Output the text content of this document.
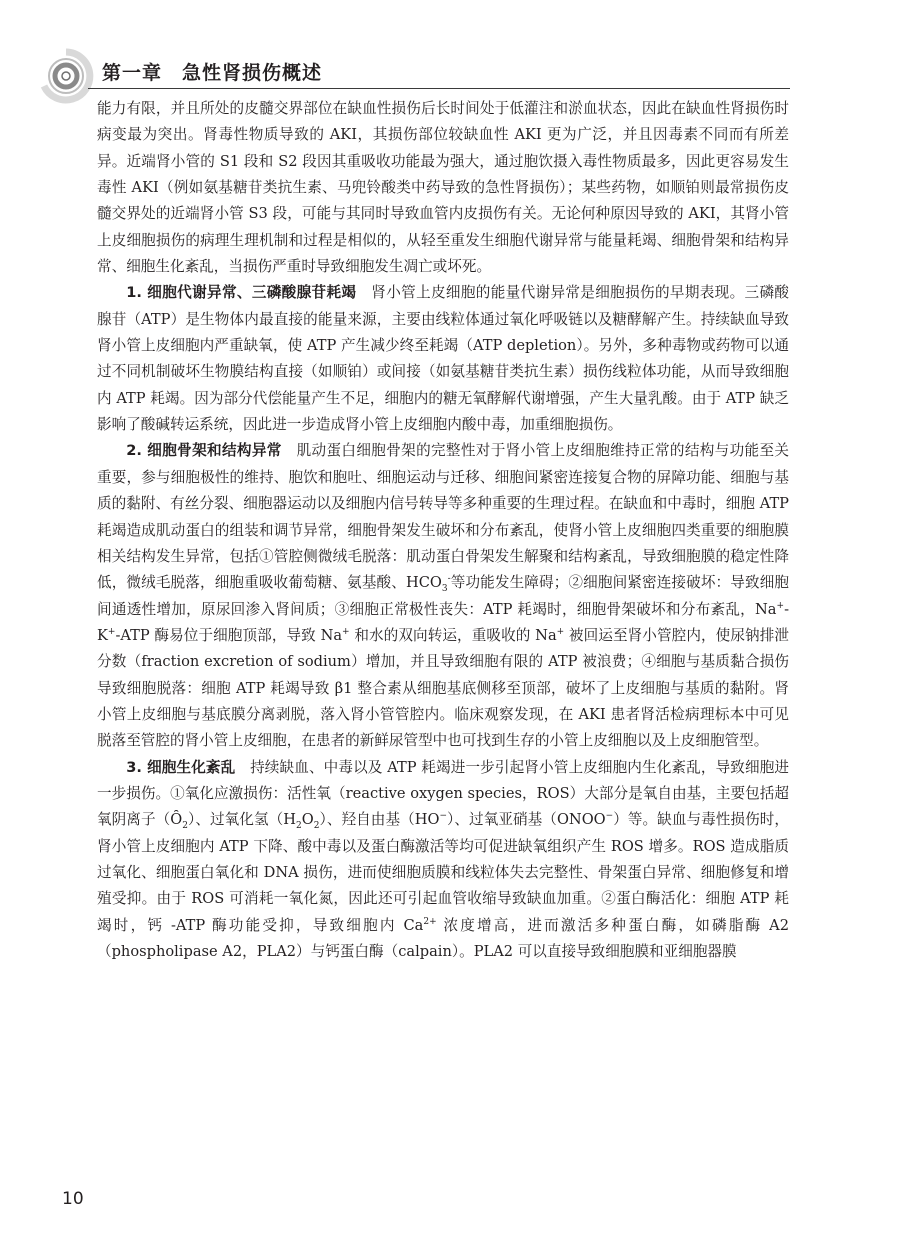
第一章　急性肾损伤概述

能力有限，并且所处的皮髓交界部位在缺血性损伤后长时间处于低灌注和淤血状态，因此在缺血性肾损伤时病变最为突出。肾毒性物质导致的 AKI，其损伤部位较缺血性 AKI 更为广泛，并且因毒素不同而有所差异。近端肾小管的 S1 段和 S2 段因其重吸收功能最为强大，通过胞饮摄入毒性物质最多，因此更容易发生毒性 AKI（例如氨基糖苷类抗生素、马兜铃酸类中药导致的急性肾损伤）；某些药物，如顺铂则最常损伤皮髓交界处的近端肾小管 S3 段，可能与其同时导致血管内皮损伤有关。无论何种原因导致的 AKI，其肾小管上皮细胞损伤的病理生理机制和过程是相似的，从轻至重发生细胞代谢异常与能量耗竭、细胞骨架和结构异常、细胞生化紊乱，当损伤严重时导致细胞发生凋亡或坏死。

1. 细胞代谢异常、三磷酸腺苷耗竭　肾小管上皮细胞的能量代谢异常是细胞损伤的早期表现。三磷酸腺苷（ATP）是生物体内最直接的能量来源，主要由线粒体通过氧化呼吸链以及糖酵解产生。持续缺血导致肾小管上皮细胞内严重缺氧，使 ATP 产生减少终至耗竭（ATP depletion）。另外，多种毒物或药物可以通过不同机制破坏生物膜结构直接（如顺铂）或间接（如氨基糖苷类抗生素）损伤线粒体功能，从而导致细胞内 ATP 耗竭。因为部分代偿能量产生不足，细胞内的糖无氧酵解代谢增强，产生大量乳酸。由于 ATP 缺乏影响了酸碱转运系统，因此进一步造成肾小管上皮细胞内酸中毒，加重细胞损伤。

2. 细胞骨架和结构异常　肌动蛋白细胞骨架的完整性对于肾小管上皮细胞维持正常的结构与功能至关重要，参与细胞极性的维持、胞饮和胞吐、细胞运动与迁移、细胞间紧密连接复合物的屏障功能、细胞与基质的黏附、有丝分裂、细胞器运动以及细胞内信号转导等多种重要的生理过程。在缺血和中毒时，细胞 ATP 耗竭造成肌动蛋白的组装和调节异常，细胞骨架发生破坏和分布紊乱，使肾小管上皮细胞四类重要的细胞膜相关结构发生异常，包括①管腔侧微绒毛脱落：肌动蛋白骨架发生解聚和结构紊乱，导致细胞膜的稳定性降低，微绒毛脱落，细胞重吸收葡萄糖、氨基酸、$HCO_3^-$等功能发生障碍；②细胞间紧密连接破坏：导致细胞间通透性增加，原尿回渗入肾间质；③细胞正常极性丧失：ATP 耗竭时，细胞骨架破坏和分布紊乱，Na+-K+-ATP 酶易位于细胞顶部，导致 Na+ 和水的双向转运，重吸收的 Na+ 被回运至肾小管腔内，使尿钠排泄分数（fraction excretion of sodium）增加，并且导致细胞有限的 ATP 被浪费；④细胞与基质黏合损伤导致细胞脱落：细胞 ATP 耗竭导致 β1 整合素从细胞基底侧移至顶部，破坏了上皮细胞与基质的黏附。肾小管上皮细胞与基底膜分离剥脱，落入肾小管管腔内。临床观察发现，在 AKI 患者肾活检病理标本中可见脱落至管腔的肾小管上皮细胞，在患者的新鲜尿管型中也可找到生存的小管上皮细胞以及上皮细胞管型。

3. 细胞生化紊乱　持续缺血、中毒以及 ATP 耗竭进一步引起肾小管上皮细胞内生化紊乱，导致细胞进一步损伤。①氧化应激损伤：活性氧（reactive oxygen species，ROS）大部分是氧自由基，主要包括超氧阴离子$(Ȏ_2)$、过氧化氢$(H_2O_2)$、羟自由基（HO−）、过氧亚硝基（ONOO−）等。缺血与毒性损伤时，肾小管上皮细胞内 ATP 下降、酸中毒以及蛋白酶激活等均可促进缺氧组织产生 ROS 增多。ROS 造成脂质过氧化、细胞蛋白氧化和 DNA 损伤，进而使细胞质膜和线粒体失去完整性、骨架蛋白异常、细胞修复和增殖受抑。由于 ROS 可消耗一氧化氮，因此还可引起血管收缩导致缺血加重。②蛋白酶活化：细胞 ATP 耗竭时，钙 -ATP 酶功能受抑，导致细胞内 $Ca^{2+}$ 浓度增高，进而激活多种蛋白酶，如磷脂酶 A2（phospholipase A2，PLA2）与钙蛋白酶（calpain）。PLA2 可以直接导致细胞膜和亚细胞器膜

10
